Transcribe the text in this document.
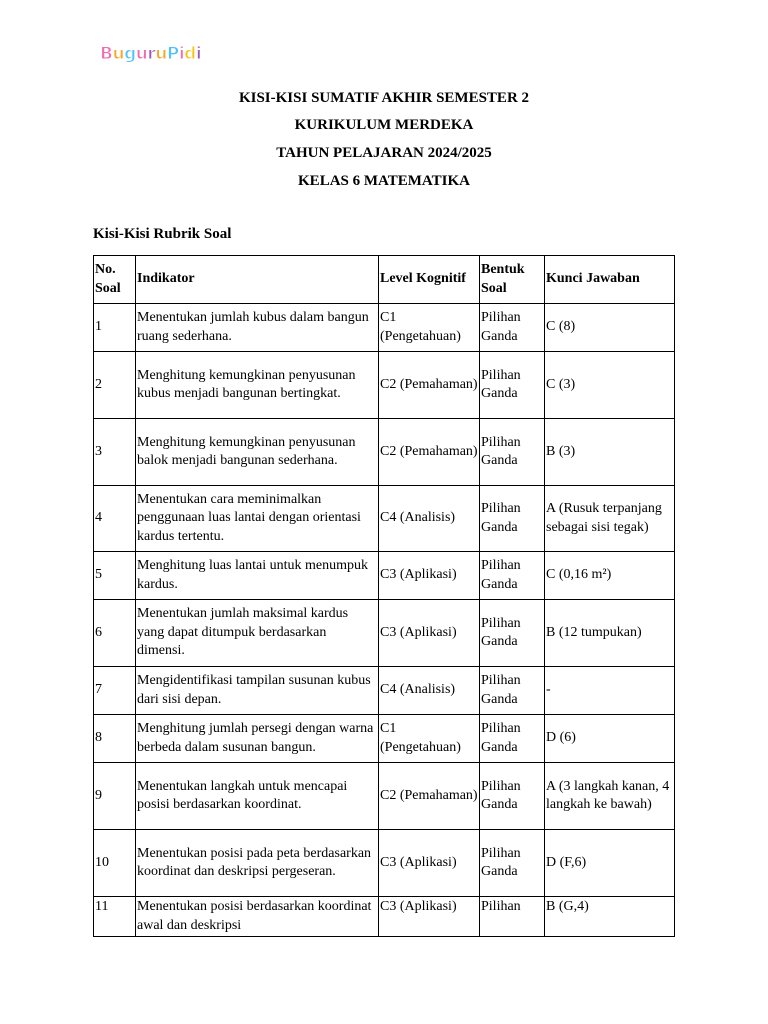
BuguruPidi
KISI-KISI SUMATIF AKHIR SEMESTER 2
KURIKULUM MERDEKA
TAHUN PELAJARAN 2024/2025
KELAS 6 MATEMATIKA
Kisi-Kisi Rubrik Soal
No. Soal	Indikator	Level Kognitif	Bentuk Soal	Kunci Jawaban
1	Menentukan jumlah kubus dalam bangun ruang sederhana.	C1 (Pengetahuan)	Pilihan Ganda	C (8)
2	Menghitung kemungkinan penyusunan kubus menjadi bangunan bertingkat.	C2 (Pemahaman)	Pilihan Ganda	C (3)
3	Menghitung kemungkinan penyusunan balok menjadi bangunan sederhana.	C2 (Pemahaman)	Pilihan Ganda	B (3)
4	Menentukan cara meminimalkan penggunaan luas lantai dengan orientasi kardus tertentu.	C4 (Analisis)	Pilihan Ganda	A (Rusuk terpanjang sebagai sisi tegak)
5	Menghitung luas lantai untuk menumpuk kardus.	C3 (Aplikasi)	Pilihan Ganda	C (0,16 m²)
6	Menentukan jumlah maksimal kardus yang dapat ditumpuk berdasarkan dimensi.	C3 (Aplikasi)	Pilihan Ganda	B (12 tumpukan)
7	Mengidentifikasi tampilan susunan kubus dari sisi depan.	C4 (Analisis)	Pilihan Ganda	-
8	Menghitung jumlah persegi dengan warna berbeda dalam susunan bangun.	C1 (Pengetahuan)	Pilihan Ganda	D (6)
9	Menentukan langkah untuk mencapai posisi berdasarkan koordinat.	C2 (Pemahaman)	Pilihan Ganda	A (3 langkah kanan, 4 langkah ke bawah)
10	Menentukan posisi pada peta berdasarkan koordinat dan deskripsi pergeseran.	C3 (Aplikasi)	Pilihan Ganda	D (F,6)
11	Menentukan posisi berdasarkan koordinat awal dan deskripsi	C3 (Aplikasi)	Pilihan	B (G,4)
